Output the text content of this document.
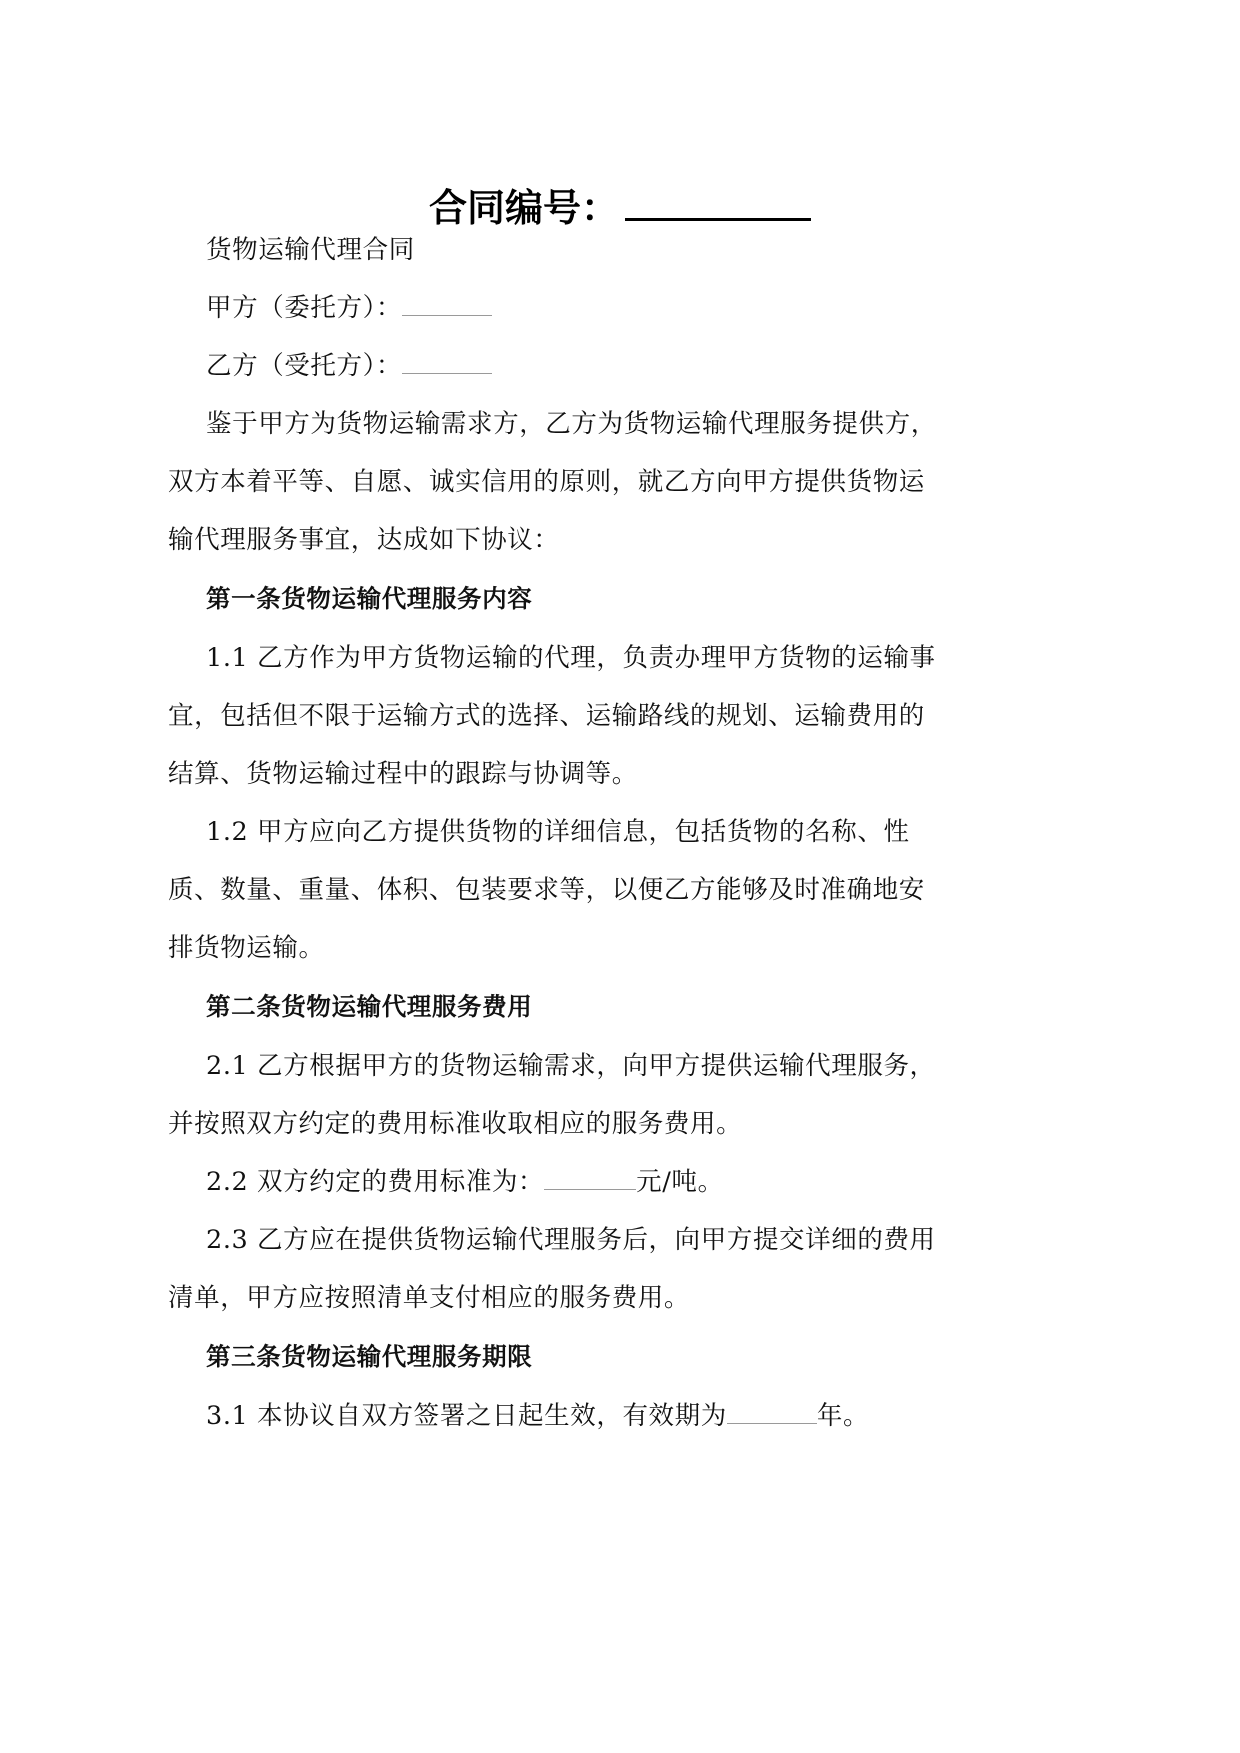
合同编号：
货物运输代理合同
甲方（委托方）：
乙方（受托方）：
鉴于甲方为货物运输需求方，乙方为货物运输代理服务提供方，
双方本着平等、自愿、诚实信用的原则，就乙方向甲方提供货物运
输代理服务事宜，达成如下协议：
第一条货物运输代理服务内容
1.1 乙方作为甲方货物运输的代理，负责办理甲方货物的运输事
宜，包括但不限于运输方式的选择、运输路线的规划、运输费用的
结算、货物运输过程中的跟踪与协调等。
1.2 甲方应向乙方提供货物的详细信息，包括货物的名称、性
质、数量、重量、体积、包装要求等，以便乙方能够及时准确地安
排货物运输。
第二条货物运输代理服务费用
2.1 乙方根据甲方的货物运输需求，向甲方提供运输代理服务，
并按照双方约定的费用标准收取相应的服务费用。
2.2 双方约定的费用标准为：	元/吨。
2.3 乙方应在提供货物运输代理服务后，向甲方提交详细的费用
清单，甲方应按照清单支付相应的服务费用。
第三条货物运输代理服务期限
3.1 本协议自双方签署之日起生效，有效期为	年。
